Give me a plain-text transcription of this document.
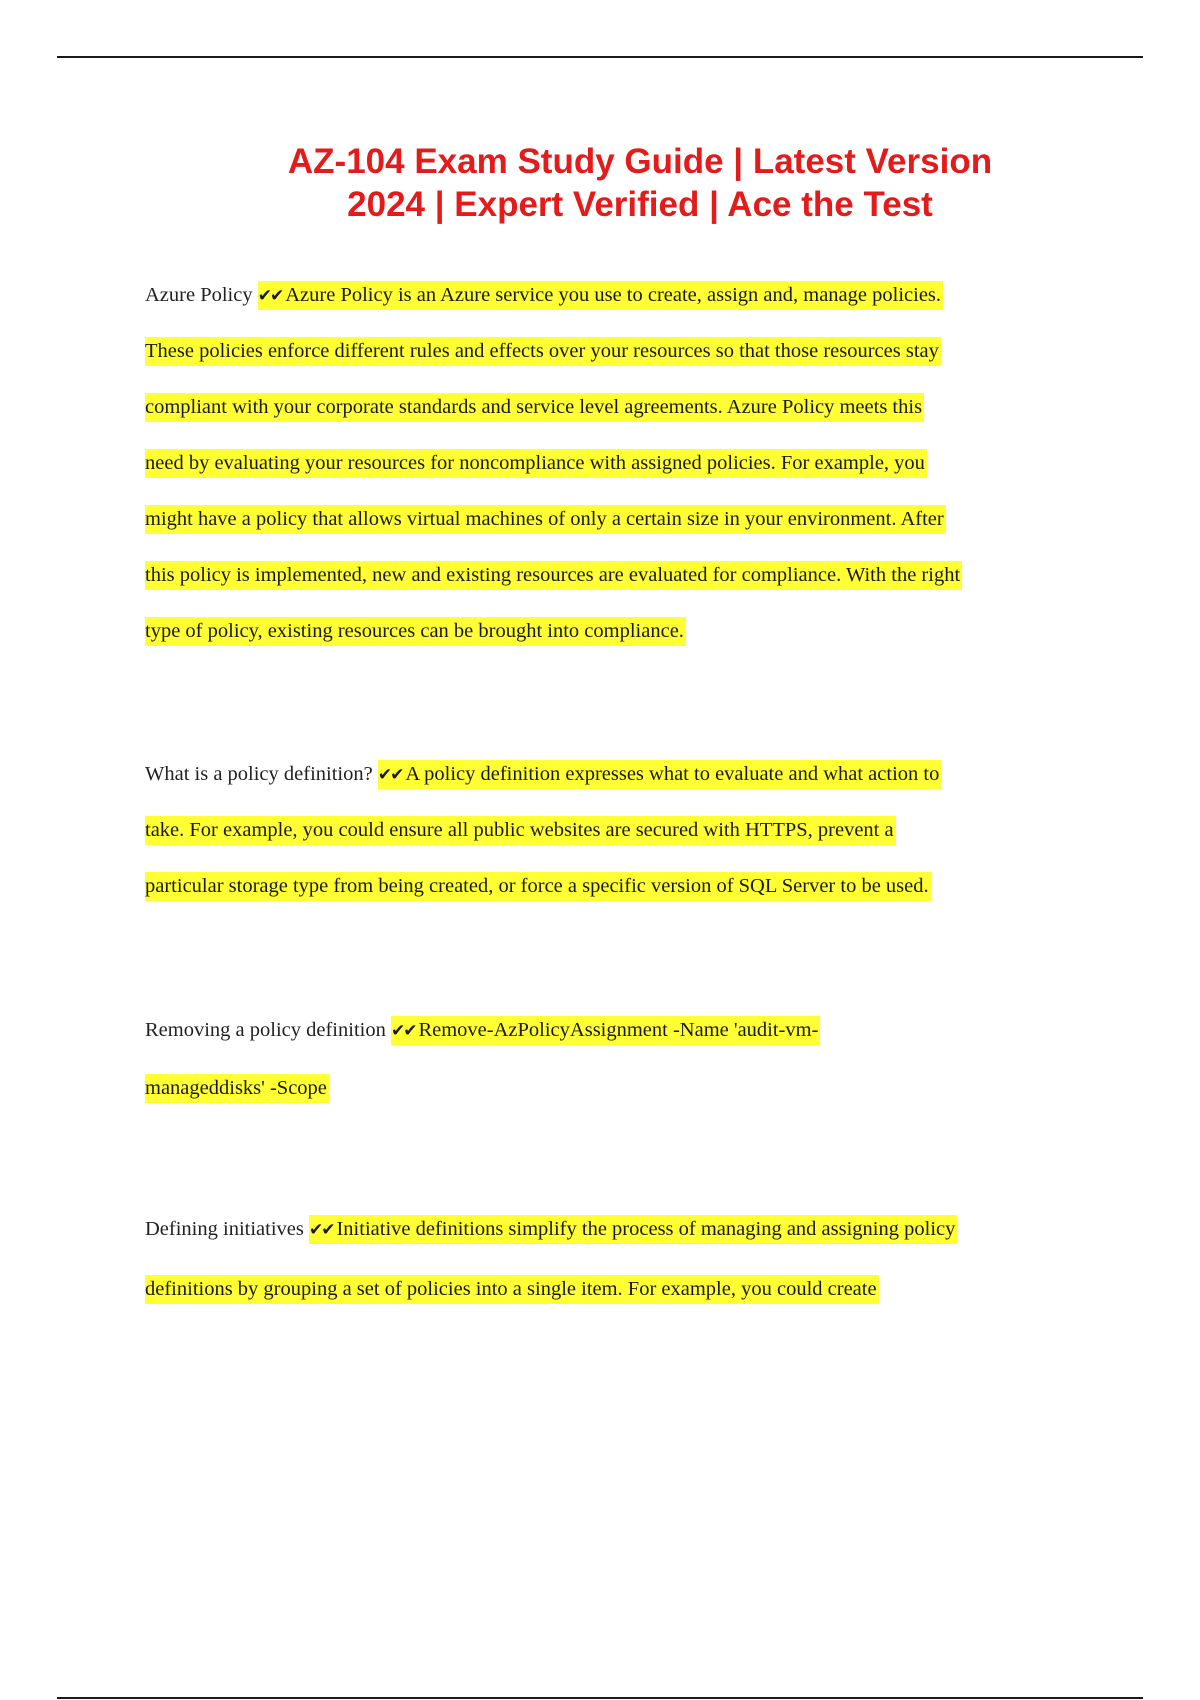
AZ-104 Exam Study Guide | Latest Version
2024 | Expert Verified | Ace the Test
Azure Policy ✔✔ Azure Policy is an Azure service you use to create, assign and, manage policies.
These policies enforce different rules and effects over your resources so that those resources stay
compliant with your corporate standards and service level agreements. Azure Policy meets this
need by evaluating your resources for noncompliance with assigned policies. For example, you
might have a policy that allows virtual machines of only a certain size in your environment. After
this policy is implemented, new and existing resources are evaluated for compliance. With the right
type of policy, existing resources can be brought into compliance.
What is a policy definition? ✔✔ A policy definition expresses what to evaluate and what action to
take. For example, you could ensure all public websites are secured with HTTPS, prevent a
particular storage type from being created, or force a specific version of SQL Server to be used.
Removing a policy definition ✔✔ Remove-AzPolicyAssignment -Name 'audit-vm-
manageddisks' -Scope
Defining initiatives ✔✔ Initiative definitions simplify the process of managing and assigning policy
definitions by grouping a set of policies into a single item. For example, you could create
